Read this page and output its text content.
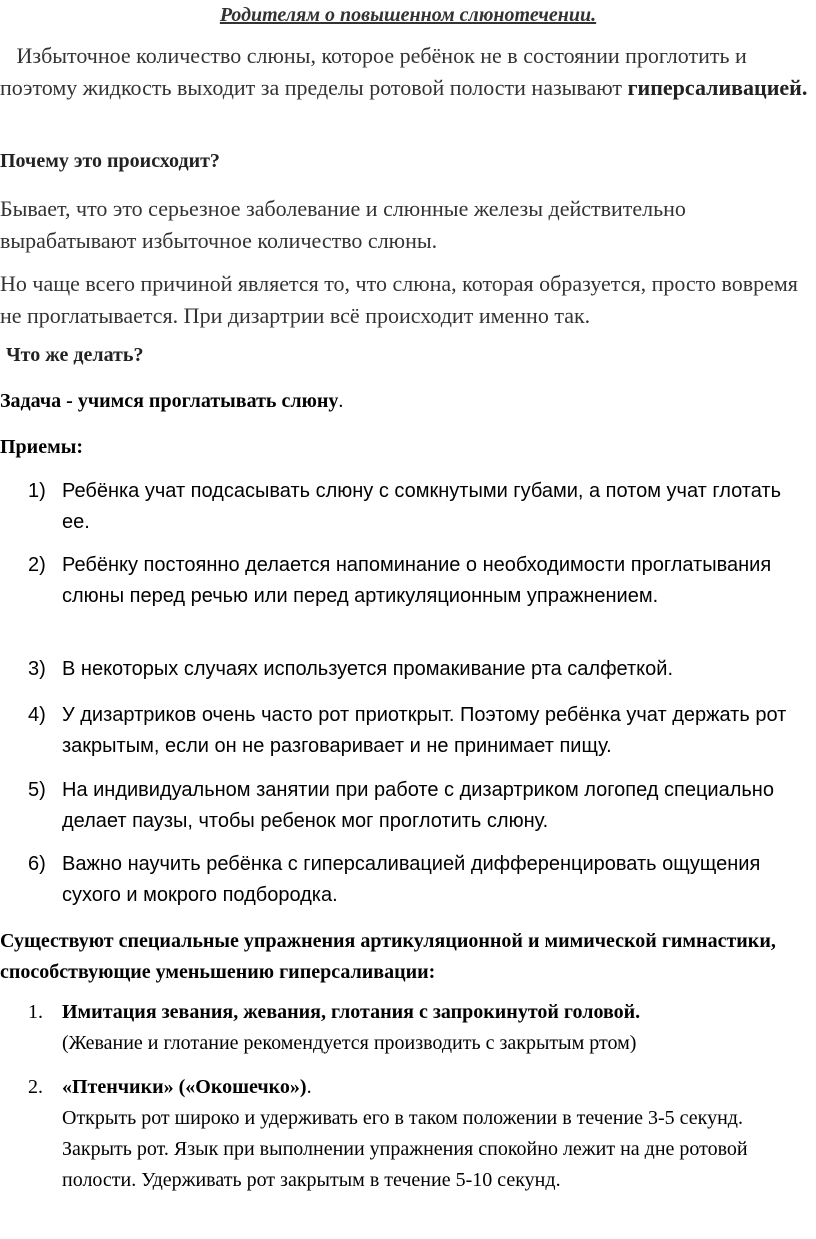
Родителям о повышенном слюнотечении.
Избыточное количество слюны, которое ребёнок не в состоянии проглотить и поэтому жидкость выходит за пределы ротовой полости называют гиперсаливацией.
Почему это происходит?
Бывает, что это серьезное заболевание и слюнные железы действительно вырабатывают избыточное количество слюны.
Но чаще всего причиной является то, что слюна, которая образуется, просто вовремя не проглатывается. При дизартрии всё происходит именно так.
Что же делать?
Задача - учимся проглатывать слюну.
Приемы:
1) Ребёнка учат подсасывать слюну с сомкнутыми губами, а потом учат глотать ее.
2) Ребёнку постоянно делается напоминание о необходимости проглатывания слюны перед речью или перед артикуляционным упражнением.
3) В некоторых случаях используется промакивание рта салфеткой.
4) У дизартриков очень часто рот приоткрыт. Поэтому ребёнка учат держать рот закрытым, если он не разговаривает и не принимает пищу.
5) На индивидуальном занятии при работе с дизартриком логопед специально делает паузы, чтобы ребенок мог проглотить слюну.
6) Важно научить ребёнка с гиперсаливацией дифференцировать ощущения сухого и мокрого подбородка.
Существуют специальные упражнения артикуляционной и мимической гимнастики, способствующие уменьшению гиперсаливации:
1. Имитация зевания, жевания, глотания с запрокинутой головой.
(Жевание и глотание рекомендуется производить с закрытым ртом)
2. «Птенчики» («Окошечко»).
Открыть рот широко и удерживать его в таком положении в течение 3-5 секунд.
Закрыть рот. Язык при выполнении упражнения спокойно лежит на дне ротовой полости. Удерживать рот закрытым в течение 5-10 секунд.
